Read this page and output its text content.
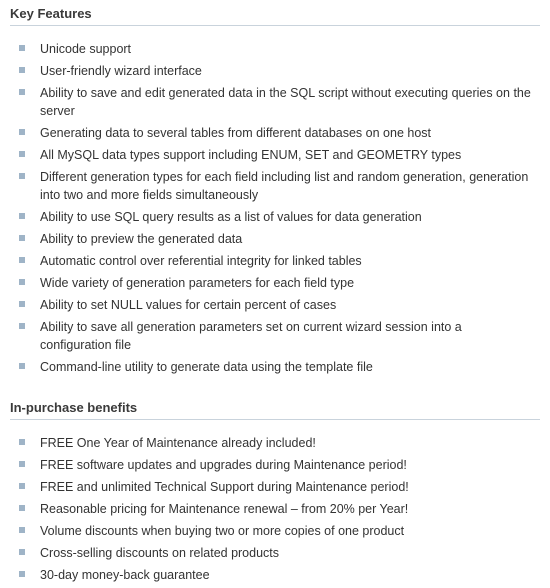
Key Features
Unicode support
User-friendly wizard interface
Ability to save and edit generated data in the SQL script without executing queries on the server
Generating data to several tables from different databases on one host
All MySQL data types support including ENUM, SET and GEOMETRY types
Different generation types for each field including list and random generation, generation into two and more fields simultaneously
Ability to use SQL query results as a list of values for data generation
Ability to preview the generated data
Automatic control over referential integrity for linked tables
Wide variety of generation parameters for each field type
Ability to set NULL values for certain percent of cases
Ability to save all generation parameters set on current wizard session into a configuration file
Command-line utility to generate data using the template file
In-purchase benefits
FREE One Year of Maintenance already included!
FREE software updates and upgrades during Maintenance period!
FREE and unlimited Technical Support during Maintenance period!
Reasonable pricing for Maintenance renewal – from 20% per Year!
Volume discounts when buying two or more copies of one product
Cross-selling discounts on related products
30-day money-back guarantee
